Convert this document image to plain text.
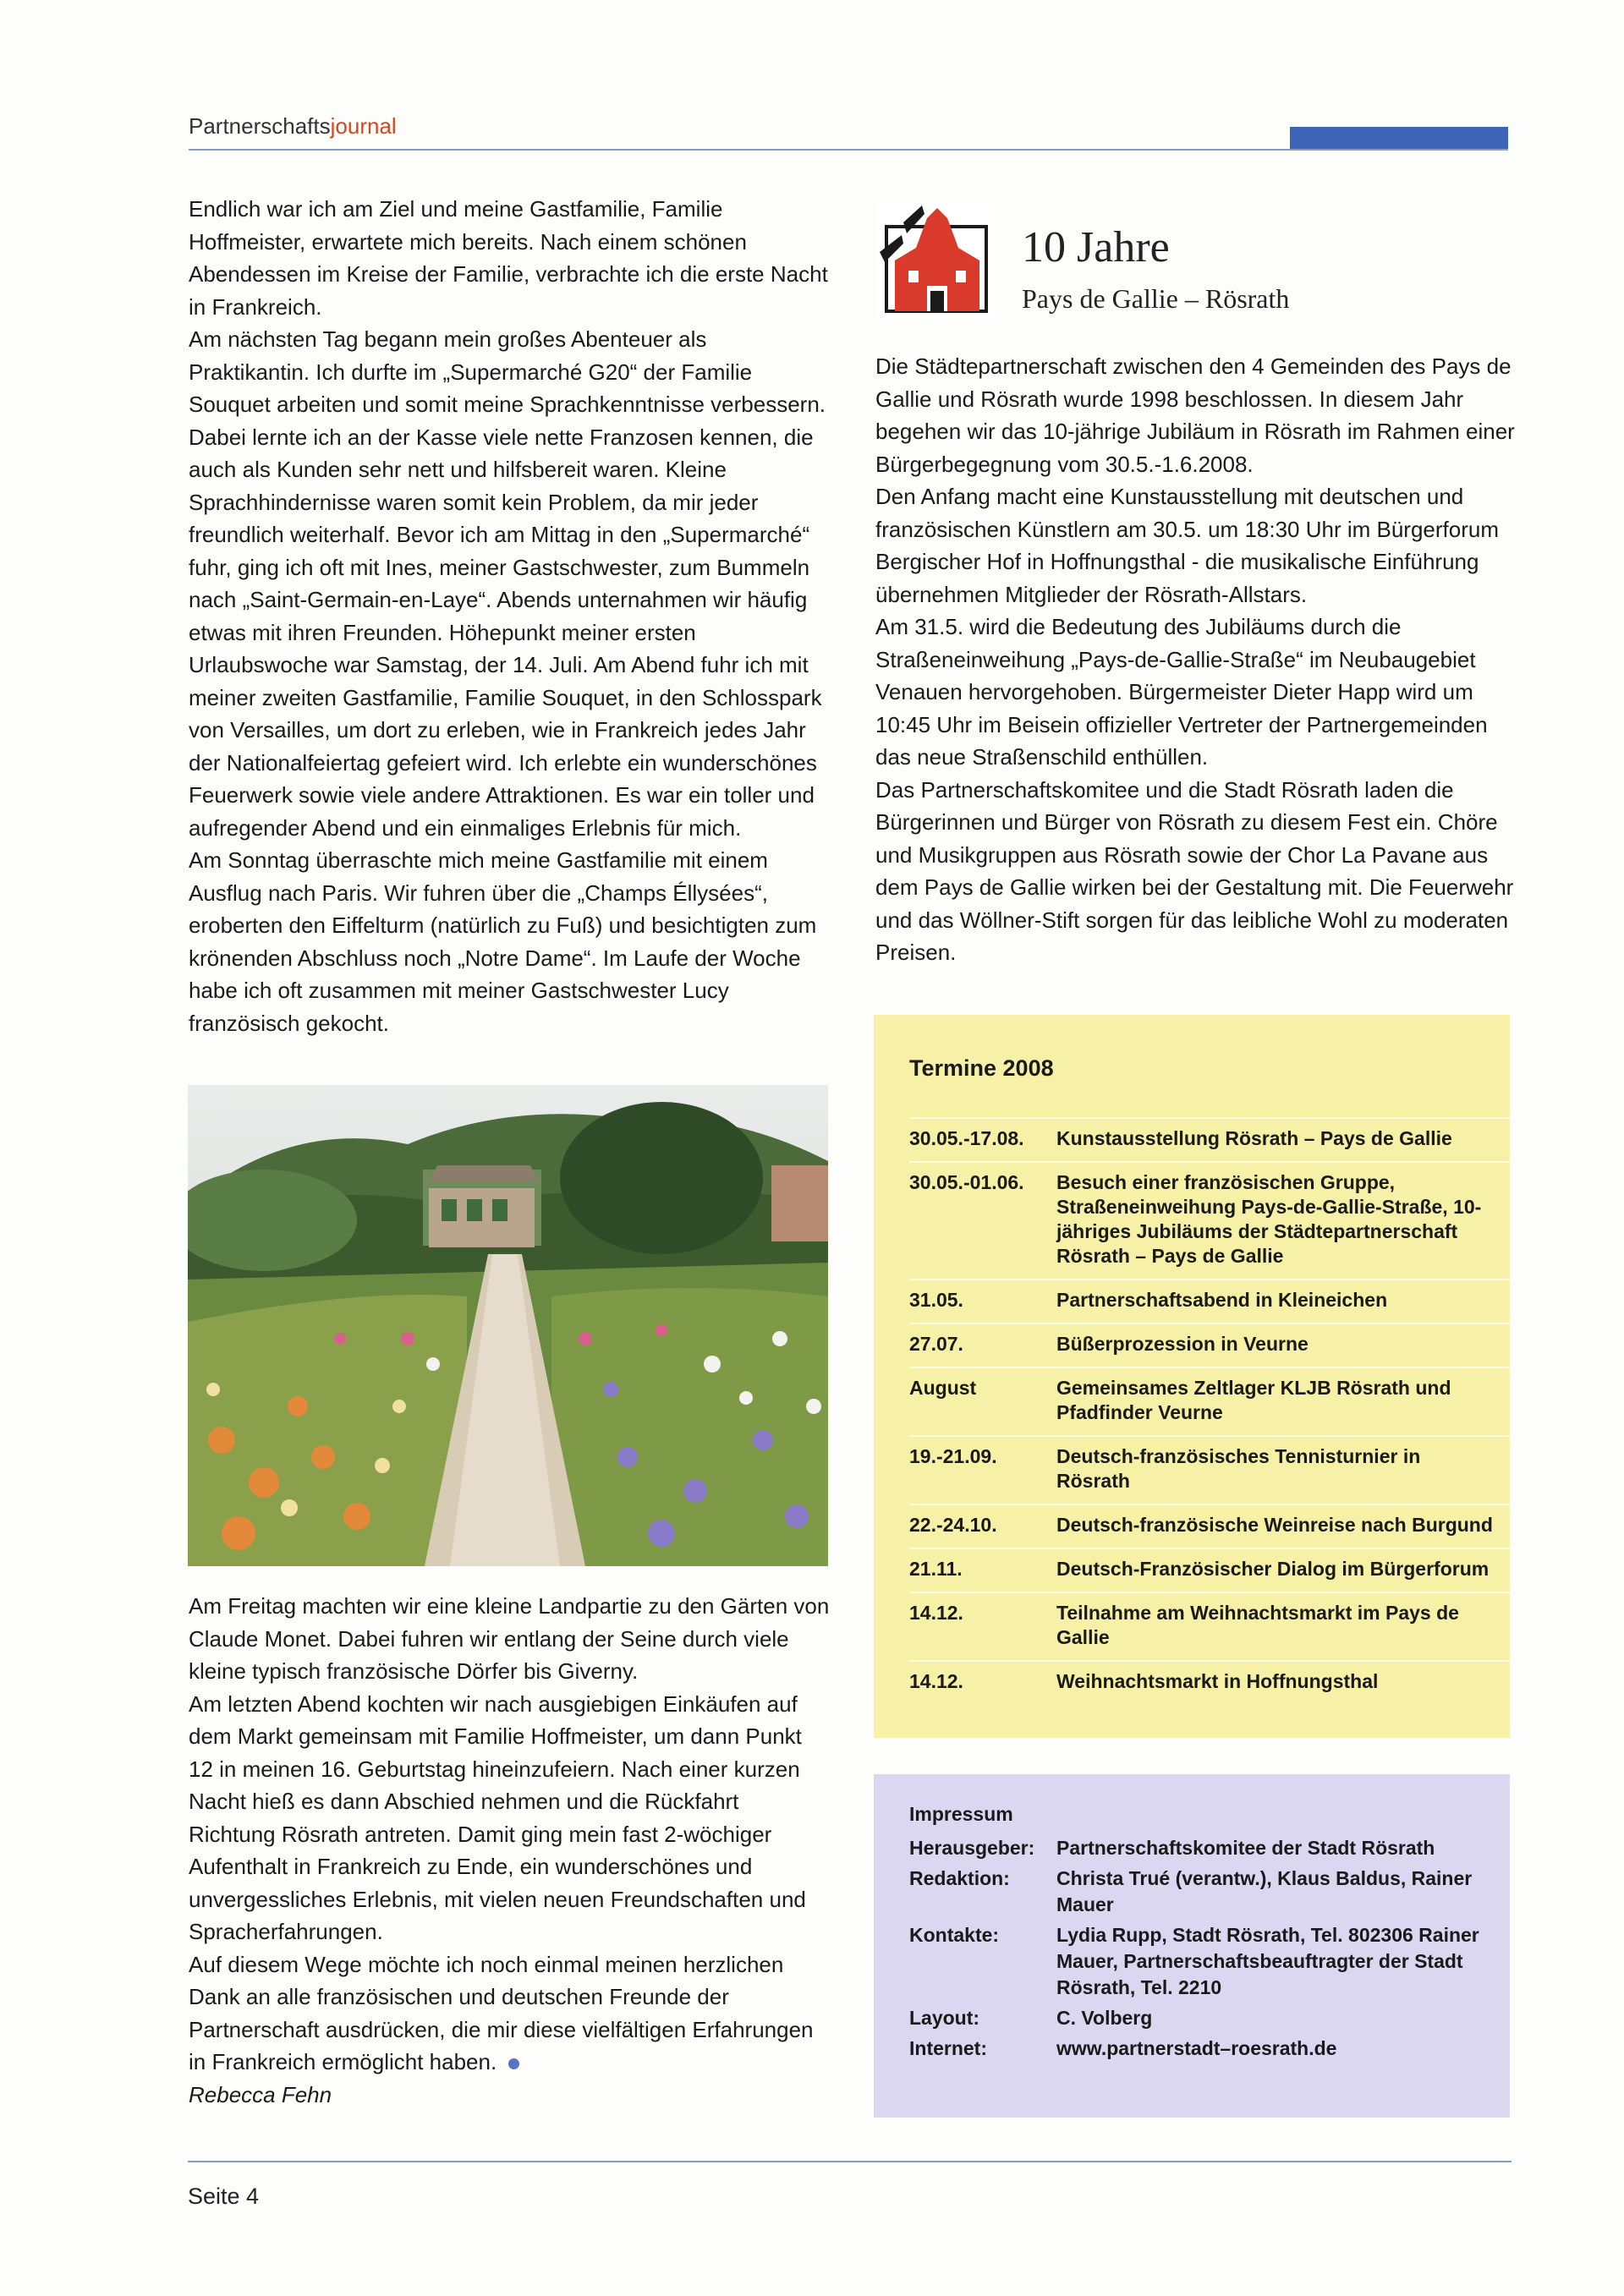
Partnerschaftsjournal

Endlich war ich am Ziel und meine Gastfamilie, Familie Hoffmeister, erwartete mich bereits. Nach einem schönen Abendessen im Kreise der Familie, verbrachte ich die erste Nacht in Frankreich.

Am nächsten Tag begann mein großes Abenteuer als Praktikantin. Ich durfte im „Supermarché G20“ der Familie Souquet arbeiten und somit meine Sprachkenntnisse verbessern. Dabei lernte ich an der Kasse viele nette Franzosen kennen, die auch als Kunden sehr nett und hilfsbereit waren. Kleine Sprachhindernisse waren somit kein Problem, da mir jeder freundlich weiterhalf. Bevor ich am Mittag in den „Supermarché“ fuhr, ging ich oft mit Ines, meiner Gastschwester, zum Bummeln nach „Saint-Germain-en-Laye“. Abends unternahmen wir häufig etwas mit ihren Freunden. Höhepunkt meiner ersten Urlaubswoche war Samstag, der 14. Juli. Am Abend fuhr ich mit meiner zweiten Gastfamilie, Familie Souquet, in den Schlosspark von Versailles, um dort zu erleben, wie in Frankreich jedes Jahr der Nationalfeiertag gefeiert wird. Ich erlebte ein wunderschönes Feuerwerk sowie viele andere Attraktionen. Es war ein toller und aufregender Abend und ein einmaliges Erlebnis für mich.

Am Sonntag überraschte mich meine Gastfamilie mit einem Ausflug nach Paris. Wir fuhren über die „Champs Éllysées“, eroberten den Eiffelturm (natürlich zu Fuß) und besichtigten zum krönenden Abschluss noch „Notre Dame“. Im Laufe der Woche habe ich oft zusammen mit meiner Gastschwester Lucy französisch gekocht.

Am Freitag machten wir eine kleine Landpartie zu den Gärten von Claude Monet. Dabei fuhren wir entlang der Seine durch viele kleine typisch französische Dörfer bis Giverny.

Am letzten Abend kochten wir nach ausgiebigen Einkäufen auf dem Markt gemeinsam mit Familie Hoffmeister, um dann Punkt 12 in meinen 16. Geburtstag hineinzufeiern. Nach einer kurzen Nacht hieß es dann Abschied nehmen und die Rückfahrt Richtung Rösrath antreten. Damit ging mein fast 2-wöchiger Aufenthalt in Frankreich zu Ende, ein wunderschönes und unvergessliches Erlebnis, mit vielen neuen Freundschaften und Spracherfahrungen.

Auf diesem Wege möchte ich noch einmal meinen herzlichen Dank an alle französischen und deutschen Freunde der Partnerschaft ausdrücken, die mir diese vielfältigen Erfahrungen in Frankreich ermöglicht haben.

Rebecca Fehn

10 Jahre
Pays de Gallie – Rösrath

Die Städtepartnerschaft zwischen den 4 Gemeinden des Pays de Gallie und Rösrath wurde 1998 beschlossen. In diesem Jahr begehen wir das 10-jährige Jubiläum in Rösrath im Rahmen einer Bürgerbegegnung vom 30.5.-1.6.2008.

Den Anfang macht eine Kunstausstellung mit deutschen und französischen Künstlern am 30.5. um 18:30 Uhr im Bürgerforum Bergischer Hof in Hoffnungsthal - die musikalische Einführung übernehmen Mitglieder der Rösrath-Allstars.

Am 31.5. wird die Bedeutung des Jubiläums durch die Straßeneinweihung „Pays-de-Gallie-Straße“ im Neubaugebiet Venauen hervorgehoben. Bürgermeister Dieter Happ wird um 10:45 Uhr im Beisein offizieller Vertreter der Partnergemeinden das neue Straßenschild enthüllen.

Das Partnerschaftskomitee und die Stadt Rösrath laden die Bürgerinnen und Bürger von Rösrath zu diesem Fest ein. Chöre und Musikgruppen aus Rösrath sowie der Chor La Pavane aus dem Pays de Gallie wirken bei der Gestaltung mit. Die Feuerwehr und das Wöllner-Stift sorgen für das leibliche Wohl zu moderaten Preisen.

Termine 2008
30.05.-17.08.	Kunstausstellung Rösrath – Pays de Gallie
30.05.-01.06.	Besuch einer französischen Gruppe, Straßeneinweihung Pays-de-Gallie-Straße, 10-jähriges Jubiläums der Städtepartnerschaft Rösrath – Pays de Gallie
31.05.	Partnerschaftsabend in Kleineichen
27.07.	Büßerprozession in Veurne
August	Gemeinsames Zeltlager KLJB Rösrath und Pfadfinder Veurne
19.-21.09.	Deutsch-französisches Tennisturnier in Rösrath
22.-24.10.	Deutsch-französische Weinreise nach Burgund
21.11.	Deutsch-Französischer Dialog im Bürgerforum
14.12.	Teilnahme am Weihnachtsmarkt im Pays de Gallie
14.12.	Weihnachtsmarkt in Hoffnungsthal
Impressum
Herausgeber:	Partnerschaftskomitee der Stadt Rösrath
Redaktion:	Christa Trué (verantw.), Klaus Baldus, Rainer Mauer
Kontakte:	Lydia Rupp, Stadt Rösrath, Tel. 802306 Rainer Mauer, Partnerschaftsbeauftragter der Stadt Rösrath, Tel. 2210
Layout:	C. Volberg
Internet:	www.partnerstadt–roesrath.de
Seite 4
